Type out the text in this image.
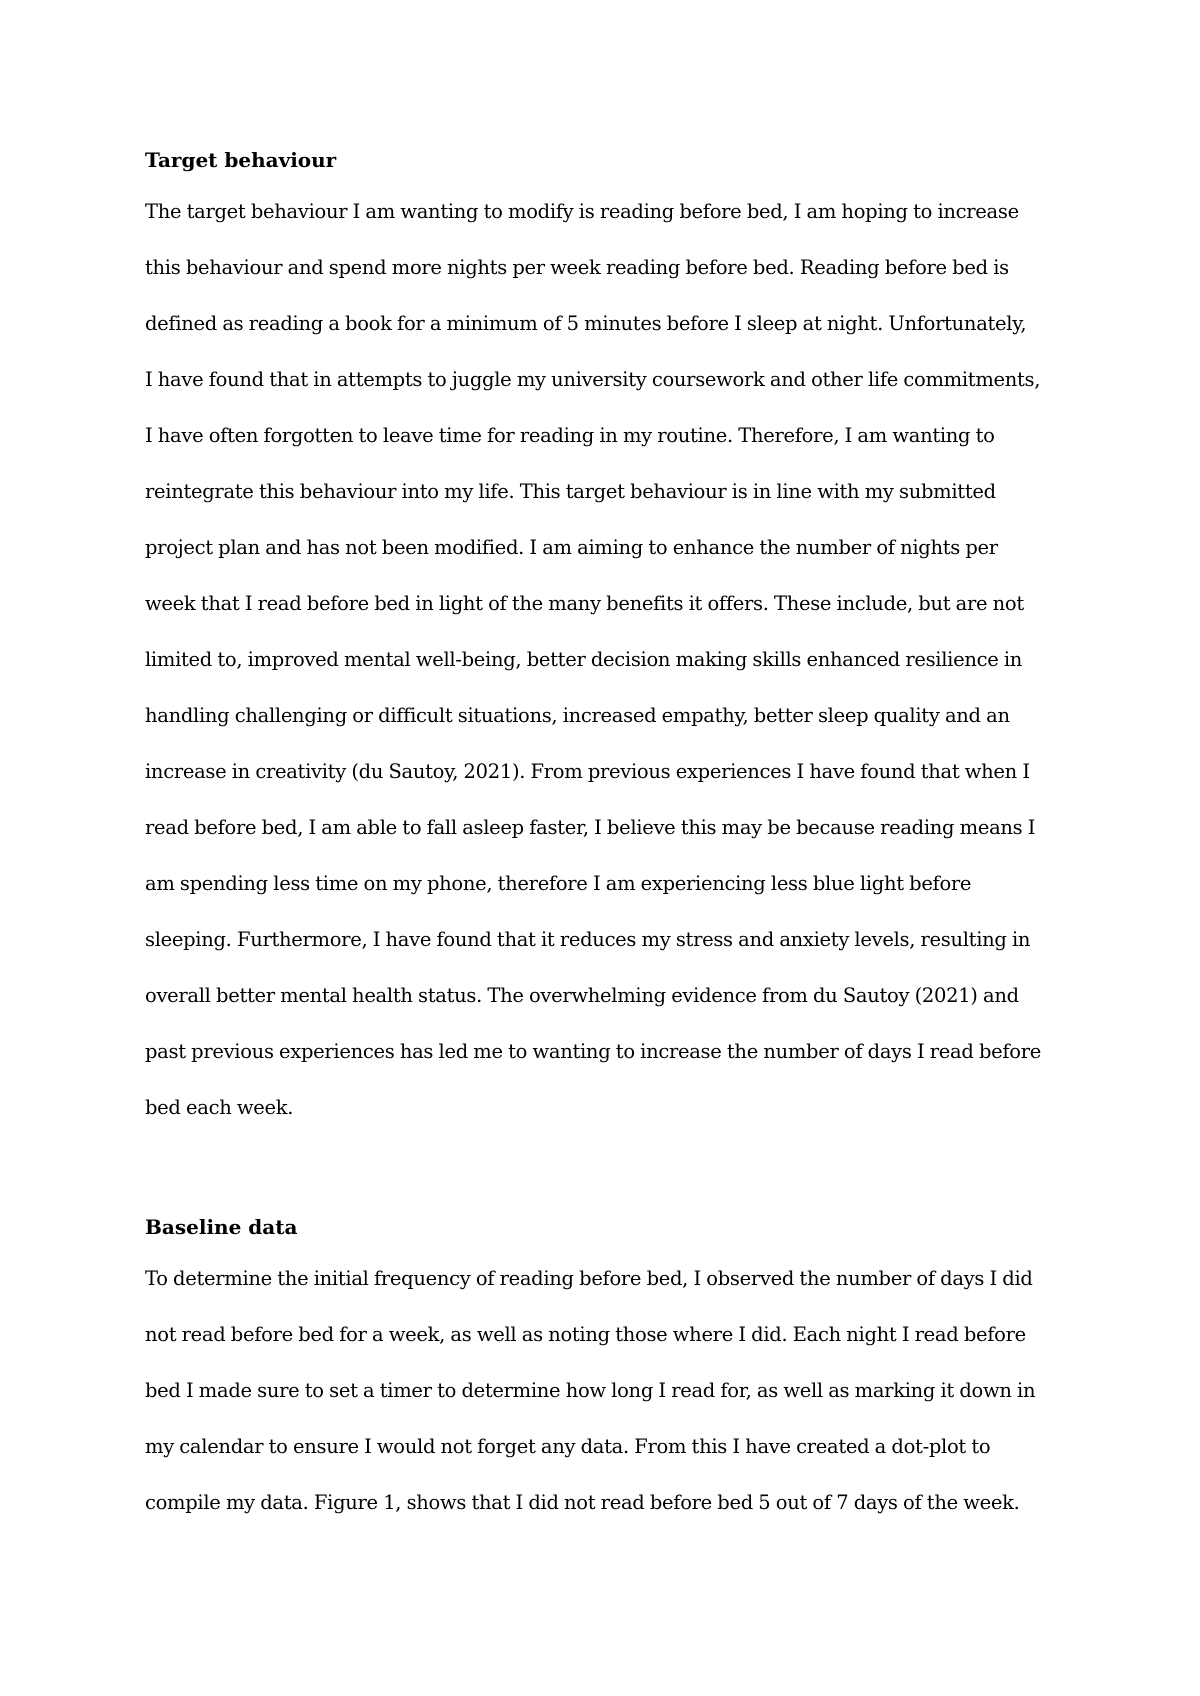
Target behaviour

The target behaviour I am wanting to modify is reading before bed, I am hoping to increase

this behaviour and spend more nights per week reading before bed. Reading before bed is

defined as reading a book for a minimum of 5 minutes before I sleep at night. Unfortunately,

I have found that in attempts to juggle my university coursework and other life commitments,

I have often forgotten to leave time for reading in my routine. Therefore, I am wanting to

reintegrate this behaviour into my life. This target behaviour is in line with my submitted

project plan and has not been modified. I am aiming to enhance the number of nights per

week that I read before bed in light of the many benefits it offers. These include, but are not

limited to, improved mental well-being, better decision making skills enhanced resilience in

handling challenging or difficult situations, increased empathy, better sleep quality and an

increase in creativity (du Sautoy, 2021). From previous experiences I have found that when I

read before bed, I am able to fall asleep faster, I believe this may be because reading means I

am spending less time on my phone, therefore I am experiencing less blue light before

sleeping. Furthermore, I have found that it reduces my stress and anxiety levels, resulting in

overall better mental health status. The overwhelming evidence from du Sautoy (2021) and

past previous experiences has led me to wanting to increase the number of days I read before

bed each week.

Baseline data

To determine the initial frequency of reading before bed, I observed the number of days I did

not read before bed for a week, as well as noting those where I did. Each night I read before

bed I made sure to set a timer to determine how long I read for, as well as marking it down in

my calendar to ensure I would not forget any data. From this I have created a dot-plot to

compile my data. Figure 1, shows that I did not read before bed 5 out of 7 days of the week.
